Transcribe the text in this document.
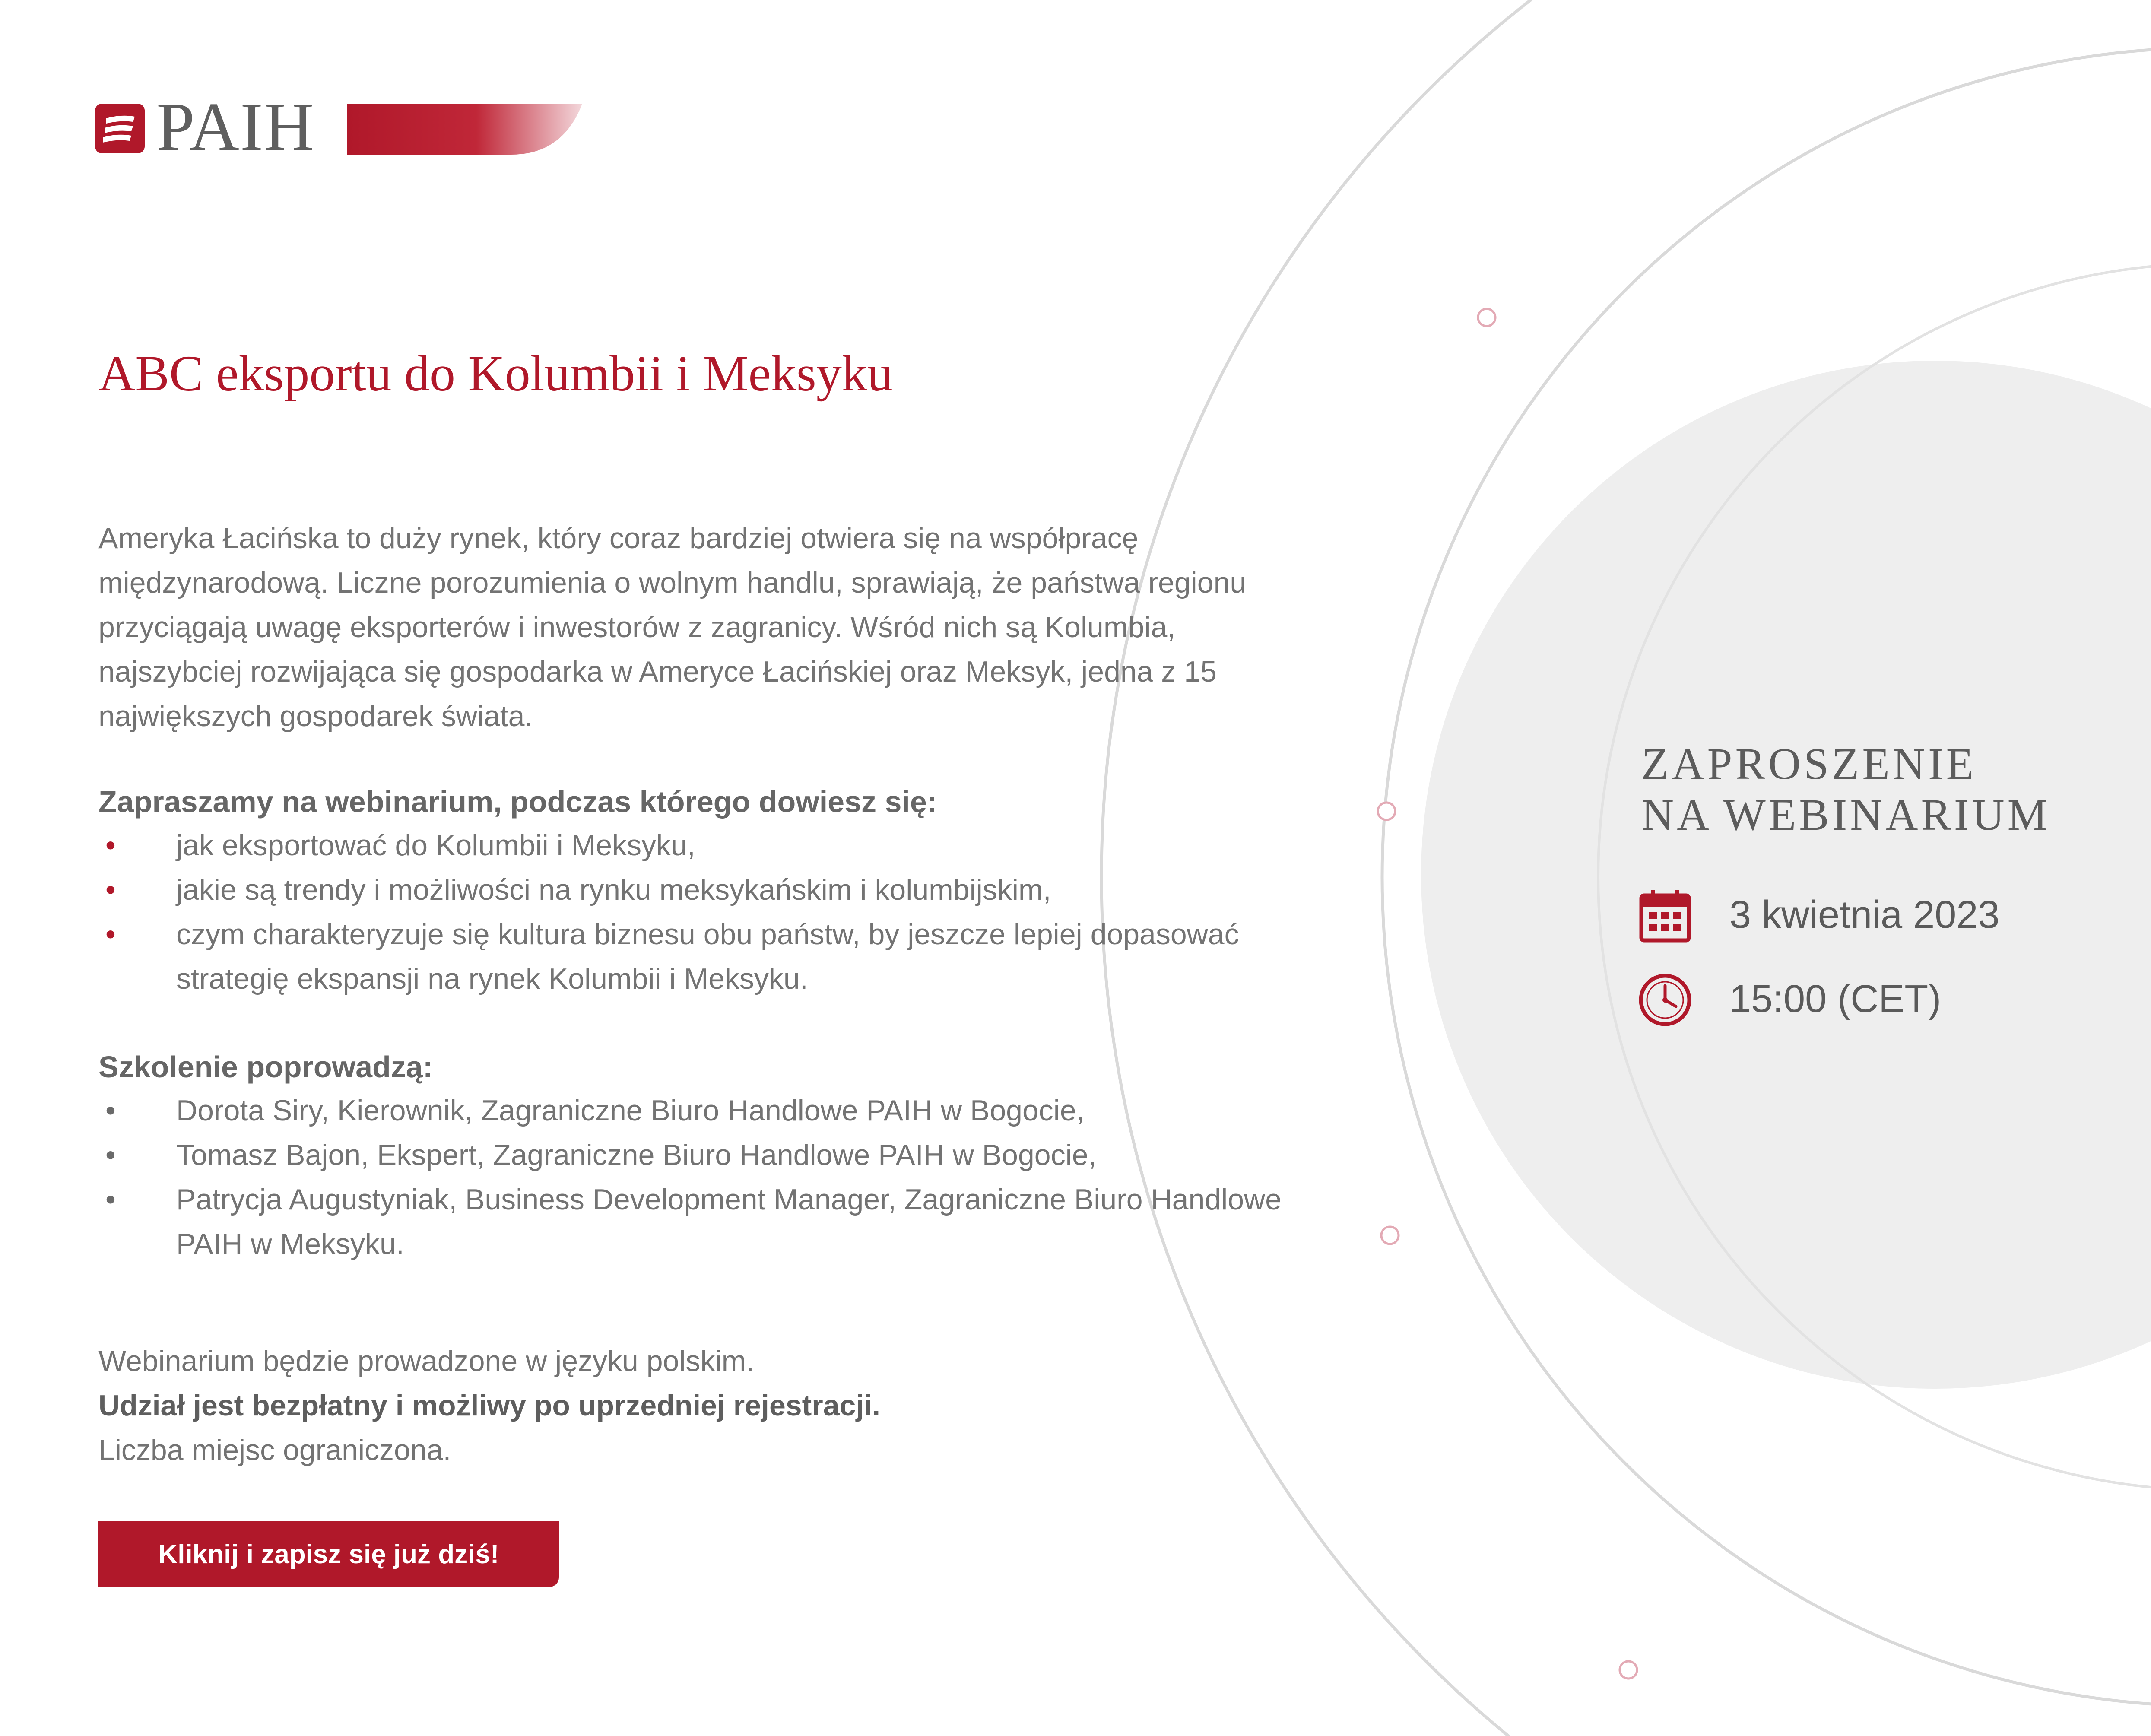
PAIH
webinaria
ABC eksportu do Kolumbii i Meksyku
Ameryka Łacińska to duży rynek, który coraz bardziej otwiera się na współpracę
międzynarodową. Liczne porozumienia o wolnym handlu, sprawiają, że państwa regionu
przyciągają uwagę eksporterów i inwestorów z zagranicy. Wśród nich są Kolumbia,
najszybciej rozwijająca się gospodarka w Ameryce Łacińskiej oraz Meksyk, jedna z 15
największych gospodarek świata.
Zapraszamy na webinarium, podczas którego dowiesz się:
• jak eksportować do Kolumbii i Meksyku,
• jakie są trendy i możliwości na rynku meksykańskim i kolumbijskim,
• czym charakteryzuje się kultura biznesu obu państw, by jeszcze lepiej dopasować
strategię ekspansji na rynek Kolumbii i Meksyku.
Szkolenie poprowadzą:
• Dorota Siry, Kierownik, Zagraniczne Biuro Handlowe PAIH w Bogocie,
• Tomasz Bajon, Ekspert, Zagraniczne Biuro Handlowe PAIH w Bogocie,
• Patrycja Augustyniak, Business Development Manager, Zagraniczne Biuro Handlowe
PAIH w Meksyku.
Webinarium będzie prowadzone w języku polskim.
Udział jest bezpłatny i możliwy po uprzedniej rejestracji.
Liczba miejsc ograniczona.
Kliknij i zapisz się już dziś!
ZAPROSZENIE
NA WEBINARIUM
3 kwietnia 2023
15:00 (CET)
